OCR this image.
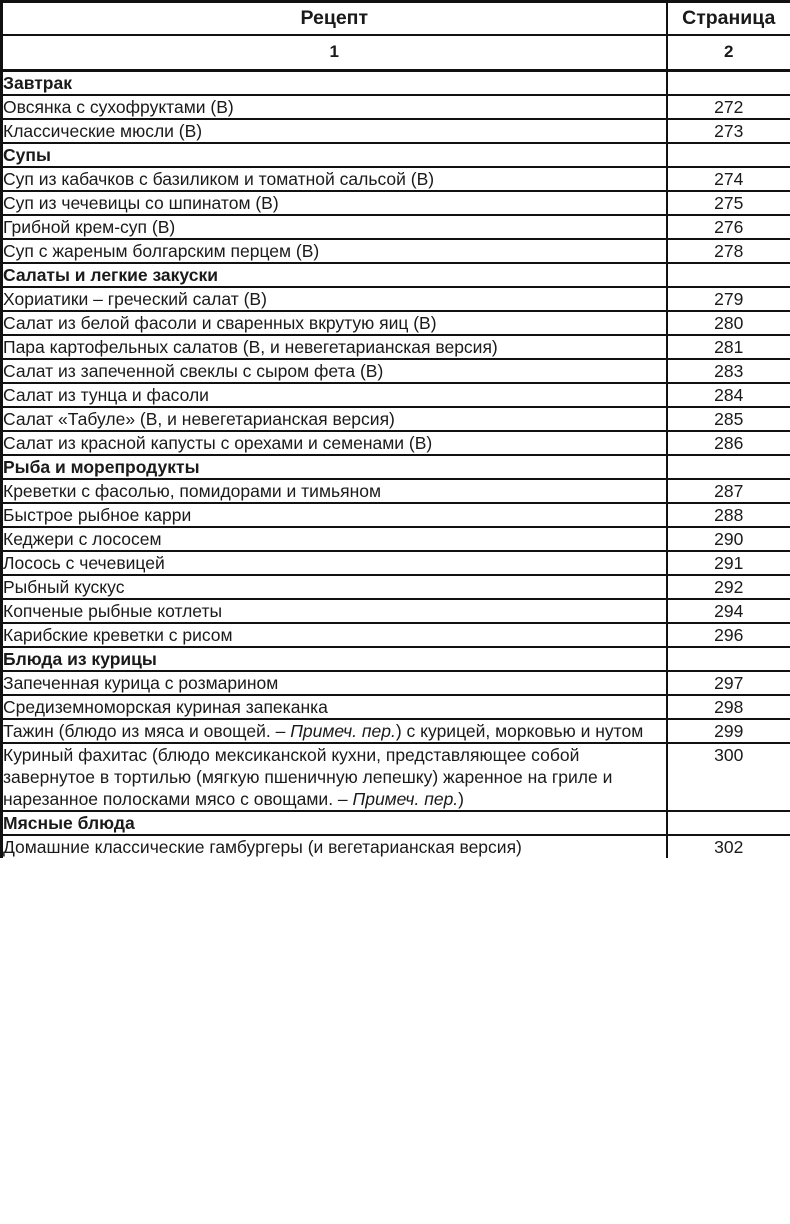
Рецепт	Страница
1	2
Завтрак	
Овсянка с сухофруктами (В)	272
Классические мюсли (В)	273
Супы	
Суп из кабачков с базиликом и томатной сальсой (В)	274
Суп из чечевицы со шпинатом (В)	275
Грибной крем-суп (В)	276
Суп с жареным болгарским перцем (В)	278
Салаты и легкие закуски	
Хориатики – греческий салат (В)	279
Салат из белой фасоли и сваренных вкрутую яиц (В)	280
Пара картофельных салатов (В, и невегетарианская версия)	281
Салат из запеченной свеклы с сыром фета (В)	283
Салат из тунца и фасоли	284
Салат «Табуле» (В, и невегетарианская версия)	285
Салат из красной капусты с орехами и семенами (В)	286
Рыба и морепродукты	
Креветки с фасолью, помидорами и тимьяном	287
Быстрое рыбное карри	288
Кеджери с лососем	290
Лосось с чечевицей	291
Рыбный кускус	292
Копченые рыбные котлеты	294
Карибские креветки с рисом	296
Блюда из курицы	
Запеченная курица с розмарином	297
Средиземноморская куриная запеканка	298
Тажин (блюдо из мяса и овощей. – Примеч. пер.) с курицей, морковью и нутом	299
Куриный фахитас (блюдо мексиканской кухни, представляющее собой завернутое в тортилью (мягкую пшеничную лепешку) жаренное на гриле и нарезанное полосками мясо с овощами. – Примеч. пер.)	300
Мясные блюда	
Домашние классические гамбургеры (и вегетарианская версия)	302
